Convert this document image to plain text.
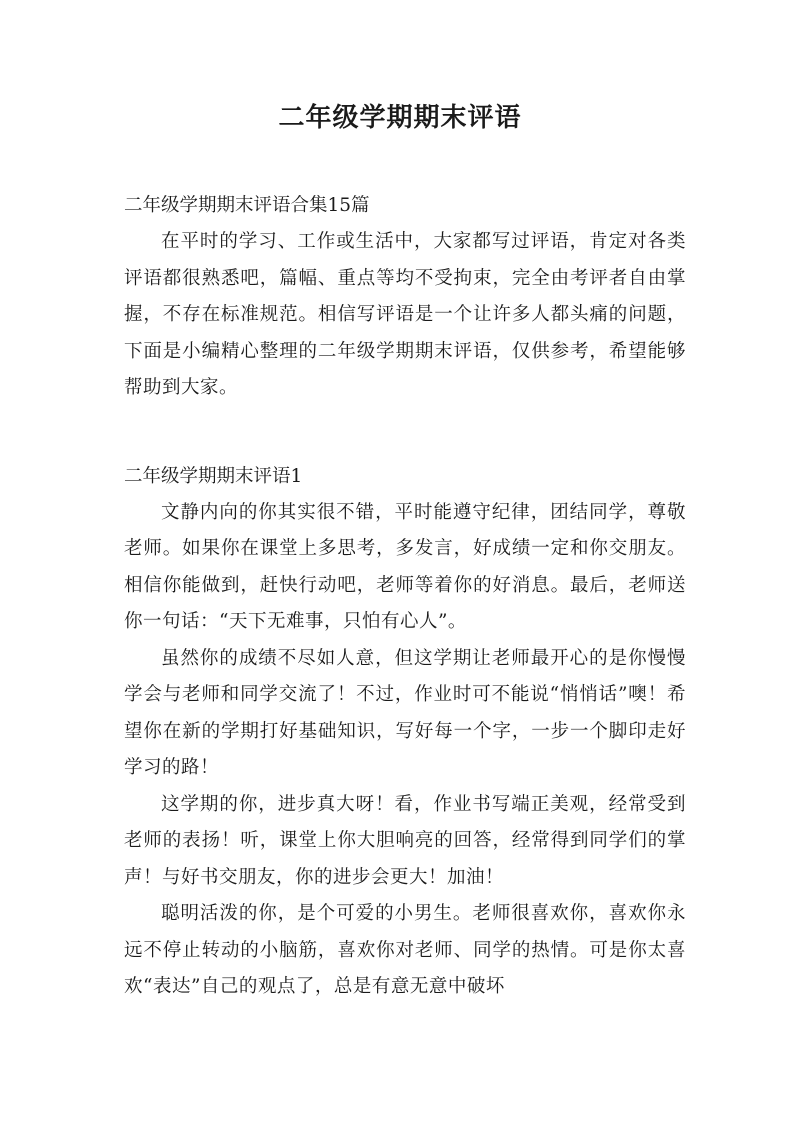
二年级学期期末评语

二年级学期期末评语合集15篇

在平时的学习、工作或生活中，大家都写过评语，肯定对各类评语都很熟悉吧，篇幅、重点等均不受拘束，完全由考评者自由掌握，不存在标准规范。相信写评语是一个让许多人都头痛的问题，下面是小编精心整理的二年级学期期末评语，仅供参考，希望能够帮助到大家。

二年级学期期末评语1

文静内向的你其实很不错，平时能遵守纪律，团结同学，尊敬老师。如果你在课堂上多思考，多发言，好成绩一定和你交朋友。相信你能做到，赶快行动吧，老师等着你的好消息。最后，老师送你一句话：“天下无难事，只怕有心人”。

虽然你的成绩不尽如人意，但这学期让老师最开心的是你慢慢学会与老师和同学交流了！不过，作业时可不能说“悄悄话”噢！希望你在新的学期打好基础知识，写好每一个字，一步一个脚印走好学习的路！

这学期的你，进步真大呀！看，作业书写端正美观，经常受到老师的表扬！听，课堂上你大胆响亮的回答，经常得到同学们的掌声！与好书交朋友，你的进步会更大！加油！

聪明活泼的你，是个可爱的小男生。老师很喜欢你，喜欢你永远不停止转动的小脑筋，喜欢你对老师、同学的热情。可是你太喜欢“表达”自己的观点了，总是有意无意中破坏
